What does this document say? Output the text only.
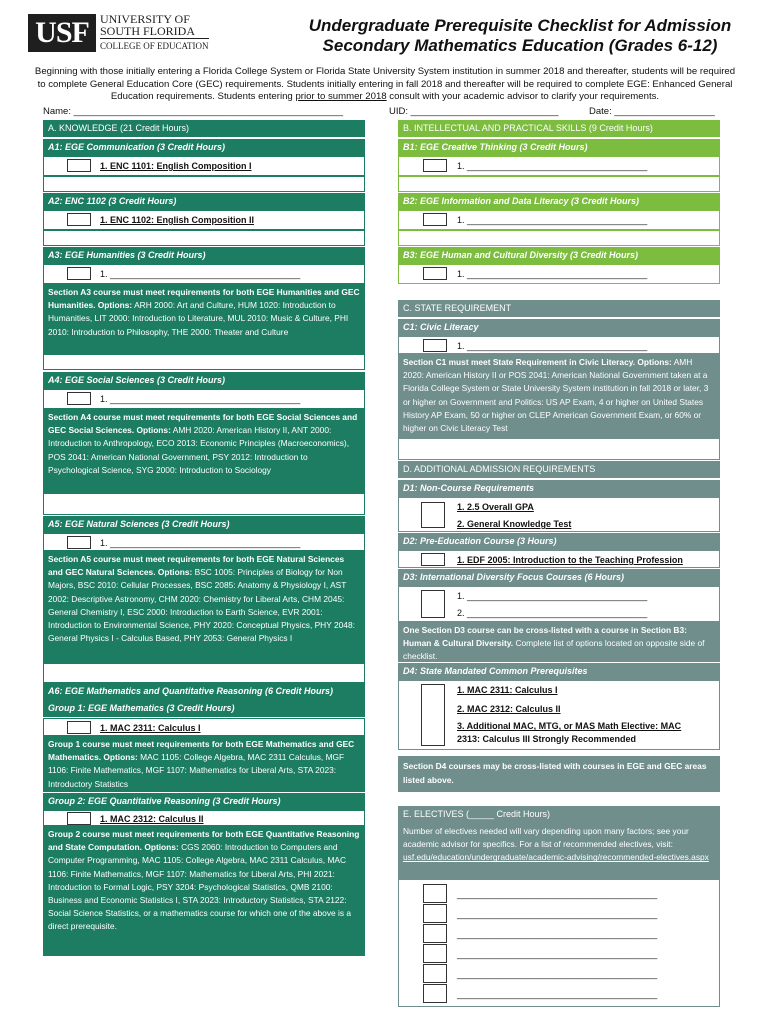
USF UNIVERSITY OF
SOUTH FLORIDA
COLLEGE OF EDUCATION
Undergraduate Prerequisite Checklist for Admission
Secondary Mathematics Education (Grades 6-12)
Beginning with those initially entering a Florida College System or Florida State University System institution in summer 2018 and thereafter, students will be required to complete General Education Core (GEC) requirements. Students initially entering in fall 2018 and thereafter will be required to complete EGE: Enhanced General Education requirements. Students entering prior to summer 2018 consult with your academic advisor to clarify your requirements.
Name: ___________________________________________________	UID: ____________________________	Date: ___________________
A. KNOWLEDGE (21 Credit Hours)
A1: EGE Communication (3 Credit Hours)
1. ENC 1101: English Composition I
A2: ENC 1102 (3 Credit Hours)
1. ENC 1102: English Composition II
A3: EGE Humanities (3 Credit Hours)
1. ______________________________________
Section A3 course must meet requirements for both EGE Humanities and GEC Humanities. Options: ARH 2000: Art and Culture, HUM 1020: Introduction to Humanities, LIT 2000: Introduction to Literature, MUL 2010: Music & Culture, PHI 2010: Introduction to Philosophy, THE 2000: Theater and Culture
A4: EGE Social Sciences (3 Credit Hours)
1. ______________________________________
Section A4 course must meet requirements for both EGE Social Sciences and GEC Social Sciences. Options: AMH 2020: American History II, ANT 2000: Introduction to Anthropology, ECO 2013: Economic Principles (Macroeconomics), POS 2041: American National Government, PSY 2012: Introduction to Psychological Science, SYG 2000: Introduction to Sociology
A5: EGE Natural Sciences (3 Credit Hours)
1. ______________________________________
Section A5 course must meet requirements for both EGE Natural Sciences and GEC Natural Sciences. Options: BSC 1005: Principles of Biology for Non Majors, BSC 2010: Cellular Processes, BSC 2085: Anatomy & Physiology I, AST 2002: Descriptive Astronomy, CHM 2020: Chemistry for Liberal Arts, CHM 2045: General Chemistry I, ESC 2000: Introduction to Earth Science, EVR 2001: Introduction to Environmental Science, PHY 2020: Conceptual Physics, PHY 2048: General Physics I - Calculus Based, PHY 2053: General Physics I
A6: EGE Mathematics and Quantitative Reasoning (6 Credit Hours)
Group 1: EGE Mathematics (3 Credit Hours)
1. MAC 2311: Calculus I
Group 1 course must meet requirements for both EGE Mathematics and GEC Mathematics. Options: MAC 1105: College Algebra, MAC 2311 Calculus, MGF 1106: Finite Mathematics, MGF 1107: Mathematics for Liberal Arts, STA 2023: Introductory Statistics
Group 2: EGE Quantitative Reasoning (3 Credit Hours)
1. MAC 2312: Calculus II
Group 2 course must meet requirements for both EGE Quantitative Reasoning and State Computation. Options: CGS 2060: Introduction to Computers and Computer Programming, MAC 1105: College Algebra, MAC 2311 Calculus, MAC 1106: Finite Mathematics, MGF 1107: Mathematics for Liberal Arts, PHI 2021: Introduction to Formal Logic, PSY 3204: Psychological Statistics, QMB 2100: Business and Economic Statistics I, STA 2023: Introductory Statistics, STA 2122: Social Science Statistics, or a mathematics course for which one of the above is a direct prerequisite.
B. INTELLECTUAL AND PRACTICAL SKILLS (9 Credit Hours)
B1: EGE Creative Thinking (3 Credit Hours)
1. ____________________________________
B2: EGE Information and Data Literacy (3 Credit Hours)
1. ____________________________________
B3: EGE Human and Cultural Diversity (3 Credit Hours)
1. ____________________________________
C. STATE REQUIREMENT
C1: Civic Literacy
1. ____________________________________
Section C1 must meet State Requirement in Civic Literacy. Options: AMH 2020: American History II or POS 2041: American National Government taken at a Florida College System or State University System institution in fall 2018 or later, 3 or higher on Government and Politics: US AP Exam, 4 or higher on United States History AP Exam, 50 or higher on CLEP American Government Exam, or 60% or higher on Civic Literacy Test
D. ADDITIONAL ADMISSION REQUIREMENTS
D1: Non-Course Requirements
1. 2.5 Overall GPA
2. General Knowledge Test
D2: Pre-Education Course (3 Hours)
1. EDF 2005: Introduction to the Teaching Profession
D3: International Diversity Focus Courses (6 Hours)
1. ____________________________________
2. ____________________________________
One Section D3 course can be cross-listed with a course in Section B3: Human & Cultural Diversity. Complete list of options located on opposite side of checklist.
D4: State Mandated Common Prerequisites
1. MAC 2311: Calculus I
2. MAC 2312: Calculus II
3. Additional MAC, MTG, or MAS Math Elective: MAC
2313: Calculus III Strongly Recommended
Section D4 courses may be cross-listed with courses in EGE and GEC areas listed above.
E. ELECTIVES (_____ Credit Hours)
Number of electives needed will vary depending upon many factors; see your academic advisor for specifics. For a list of recommended electives, visit: usf.edu/education/undergraduate/academic-advising/recommended-electives.aspx
________________________________________
________________________________________
________________________________________
________________________________________
________________________________________
________________________________________
